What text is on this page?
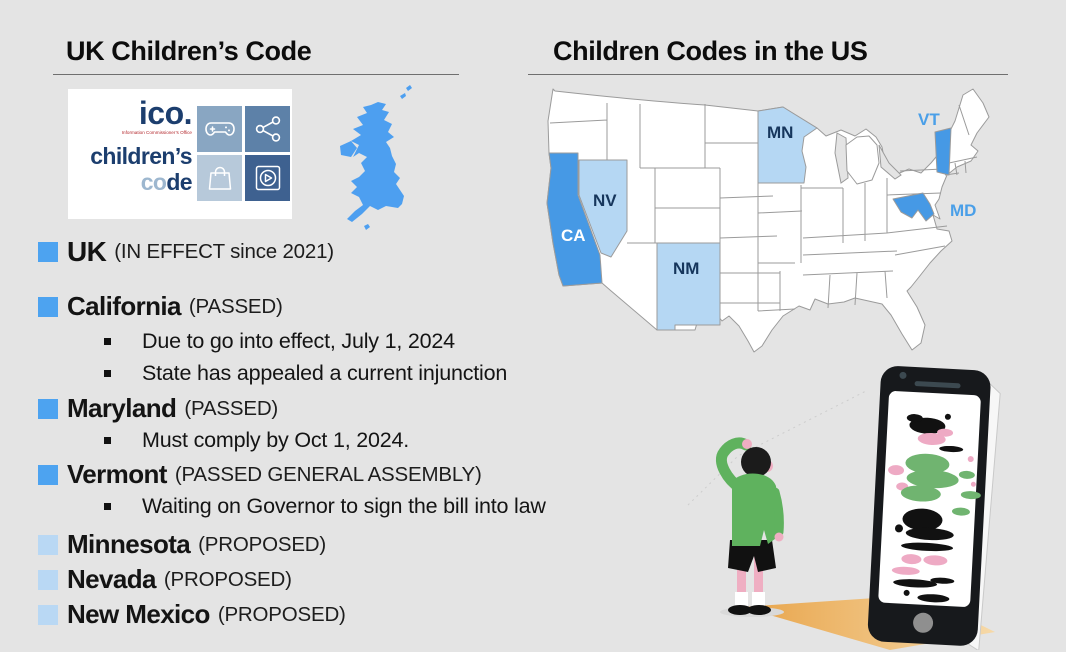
UK Children’s Code	Children Codes in the US
ico.
Information Commissioner’s Office
children’s
code
UK (IN EFFECT since 2021)
California (PASSED)
Due to go into effect, July 1, 2024
State has appealed a current injunction
Maryland (PASSED)
Must comply by Oct 1, 2024.
Vermont (PASSED GENERAL ASSEMBLY)
Waiting on Governor to sign the bill into law
Minnesota (PROPOSED)
Nevada (PROPOSED)
New Mexico (PROPOSED)
MN
NV
NM
CA
VT
MD
